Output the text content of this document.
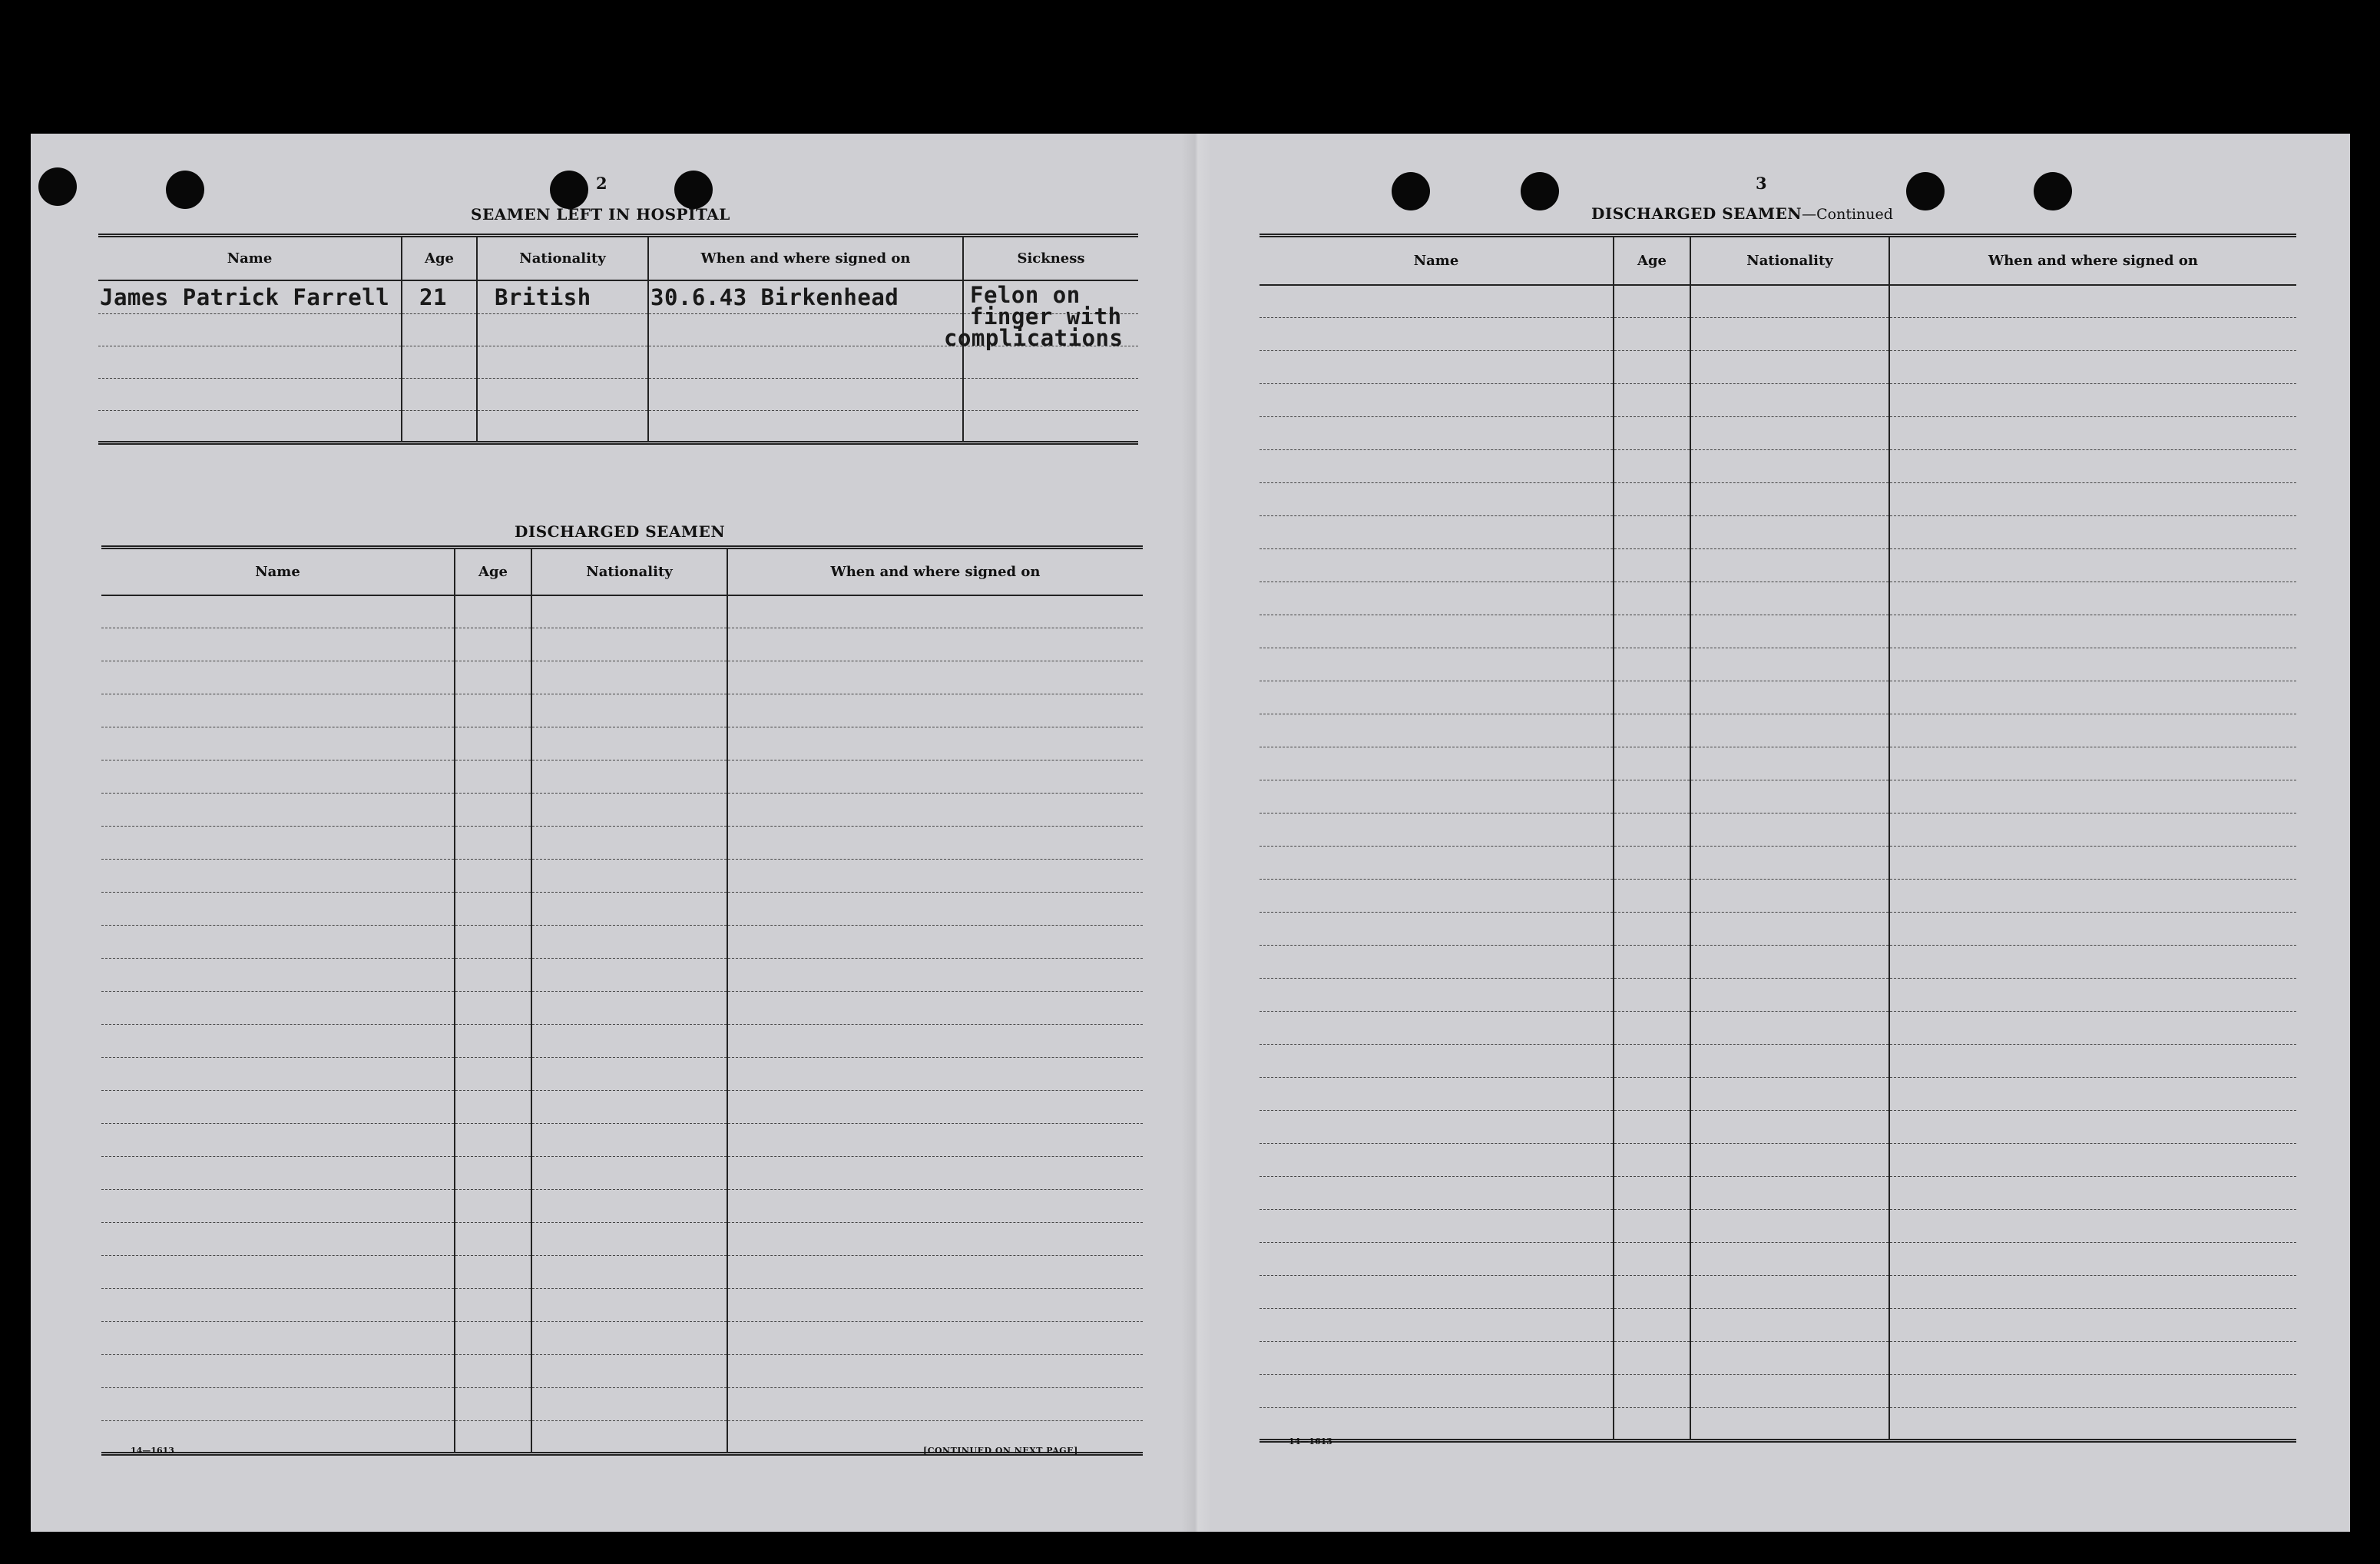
2
SEAMEN LEFT IN HOSPITAL
Name	Age	Nationality	When and where signed on	Sickness
James Patrick Farrell	21	British	30.6.43 Birkenhead	Felon on
finger with
complications

DISCHARGED SEAMEN
Name	Age	Nationality	When and where signed on

14—1613	[CONTINUED ON NEXT PAGE]
3
DISCHARGED SEAMEN—Continued
Name	Age	Nationality	When and where signed on

14—1613
